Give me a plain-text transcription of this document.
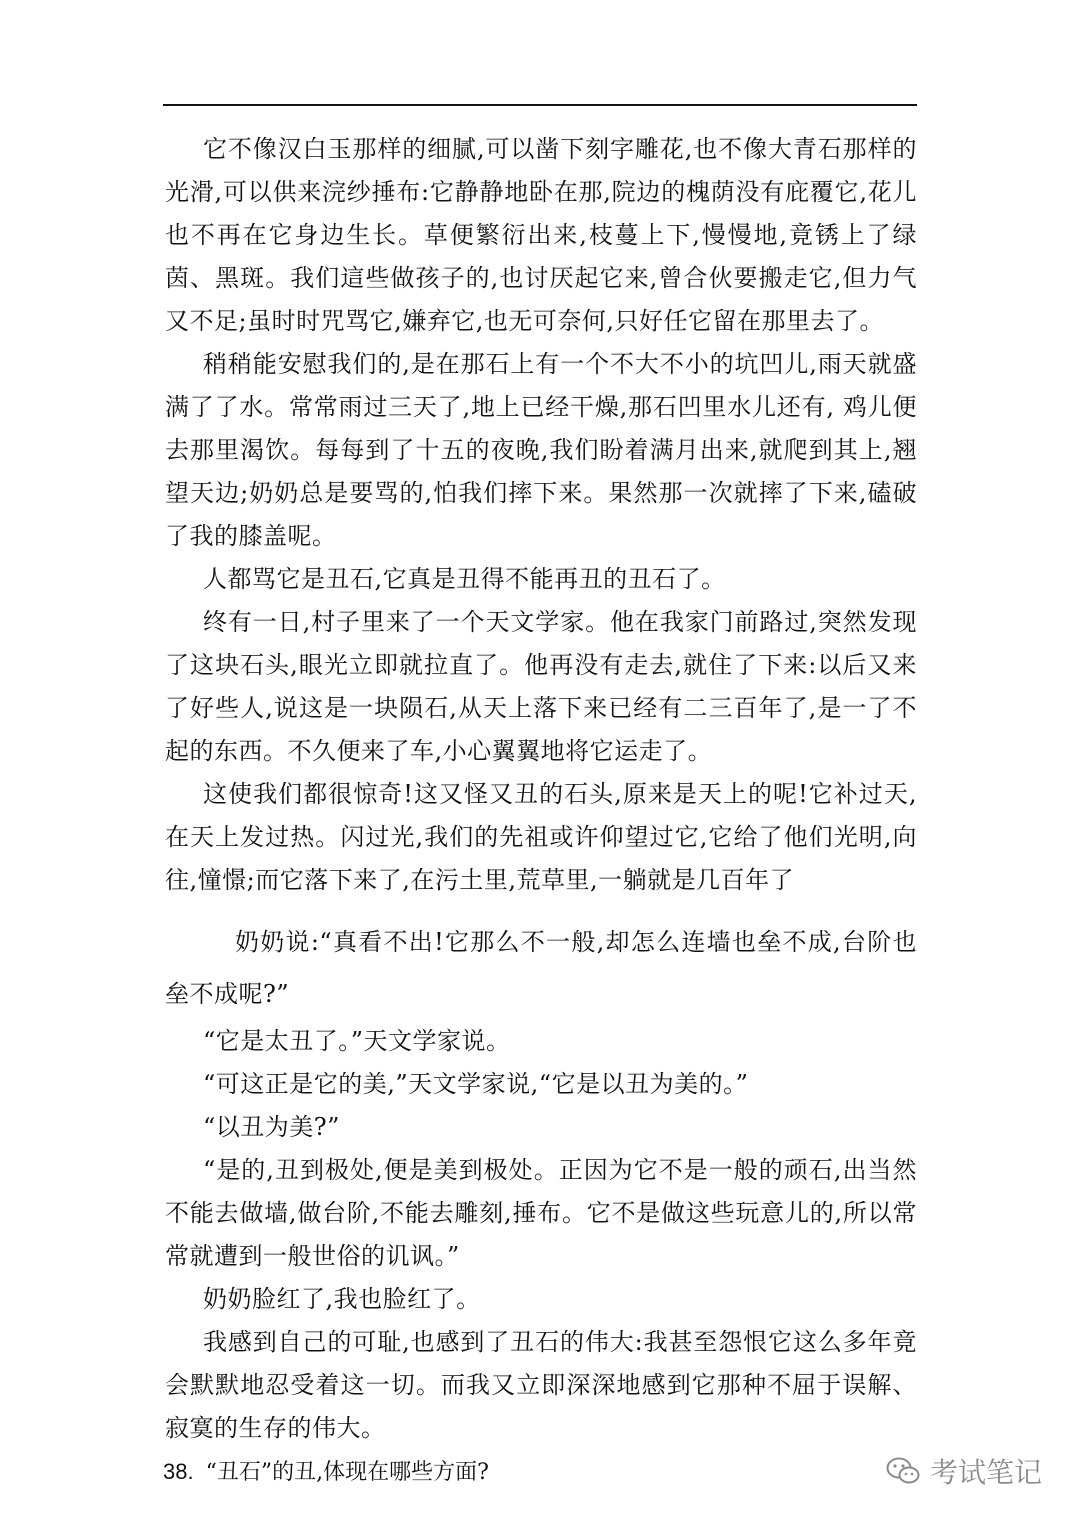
它不像汉白玉那样的细腻,可以凿下刻字雕花,也不像大青石那样的光滑,可以供来浣纱捶布:它静静地卧在那,院边的槐荫没有庇覆它,花儿也不再在它身边生长。草便繁衍出来,枝蔓上下,慢慢地,竟锈上了绿茵、黑斑。我们這些做孩子的,也讨厌起它来,曾合伙要搬走它,但力气又不足;虽时时咒骂它,嫌弃它,也无可奈何,只好任它留在那里去了。

稍稍能安慰我们的,是在那石上有一个不大不小的坑凹儿,雨天就盛满了了水。常常雨过三天了,地上已经干燥,那石凹里水儿还有, 鸡儿便去那里渴饮。每每到了十五的夜晚,我们盼着满月出来,就爬到其上,翘望天边;奶奶总是要骂的,怕我们摔下来。果然那一次就摔了下来,磕破了我的膝盖呢。

人都骂它是丑石,它真是丑得不能再丑的丑石了。

终有一日,村子里来了一个天文学家。他在我家门前路过,突然发现了这块石头,眼光立即就拉直了。他再没有走去,就住了下来:以后又来了好些人,说这是一块陨石,从天上落下来已经有二三百年了,是一了不起的东西。不久便来了车,小心翼翼地将它运走了。

这使我们都很惊奇!这又怪又丑的石头,原来是天上的呢!它补过天,在天上发过热。闪过光,我们的先祖或许仰望过它,它给了他们光明,向往,憧憬;而它落下来了,在污土里,荒草里,一躺就是几百年了

奶奶说:“真看不出!它那么不一般,却怎么连墙也垒不成,台阶也垒不成呢?”

“它是太丑了。”天文学家说。

“可这正是它的美,”天文学家说,“它是以丑为美的。”

“以丑为美?”

“是的,丑到极处,便是美到极处。正因为它不是一般的顽石,出当然不能去做墙,做台阶,不能去雕刻,捶布。它不是做这些玩意儿的,所以常常就遭到一般世俗的讥讽。”

奶奶脸红了,我也脸红了。

我感到自己的可耻,也感到了丑石的伟大:我甚至怨恨它这么多年竟会默默地忍受着这一切。而我又立即深深地感到它那种不屈于误解、寂寞的生存的伟大。

38. “丑石”的丑,体现在哪些方面?	考试笔记
